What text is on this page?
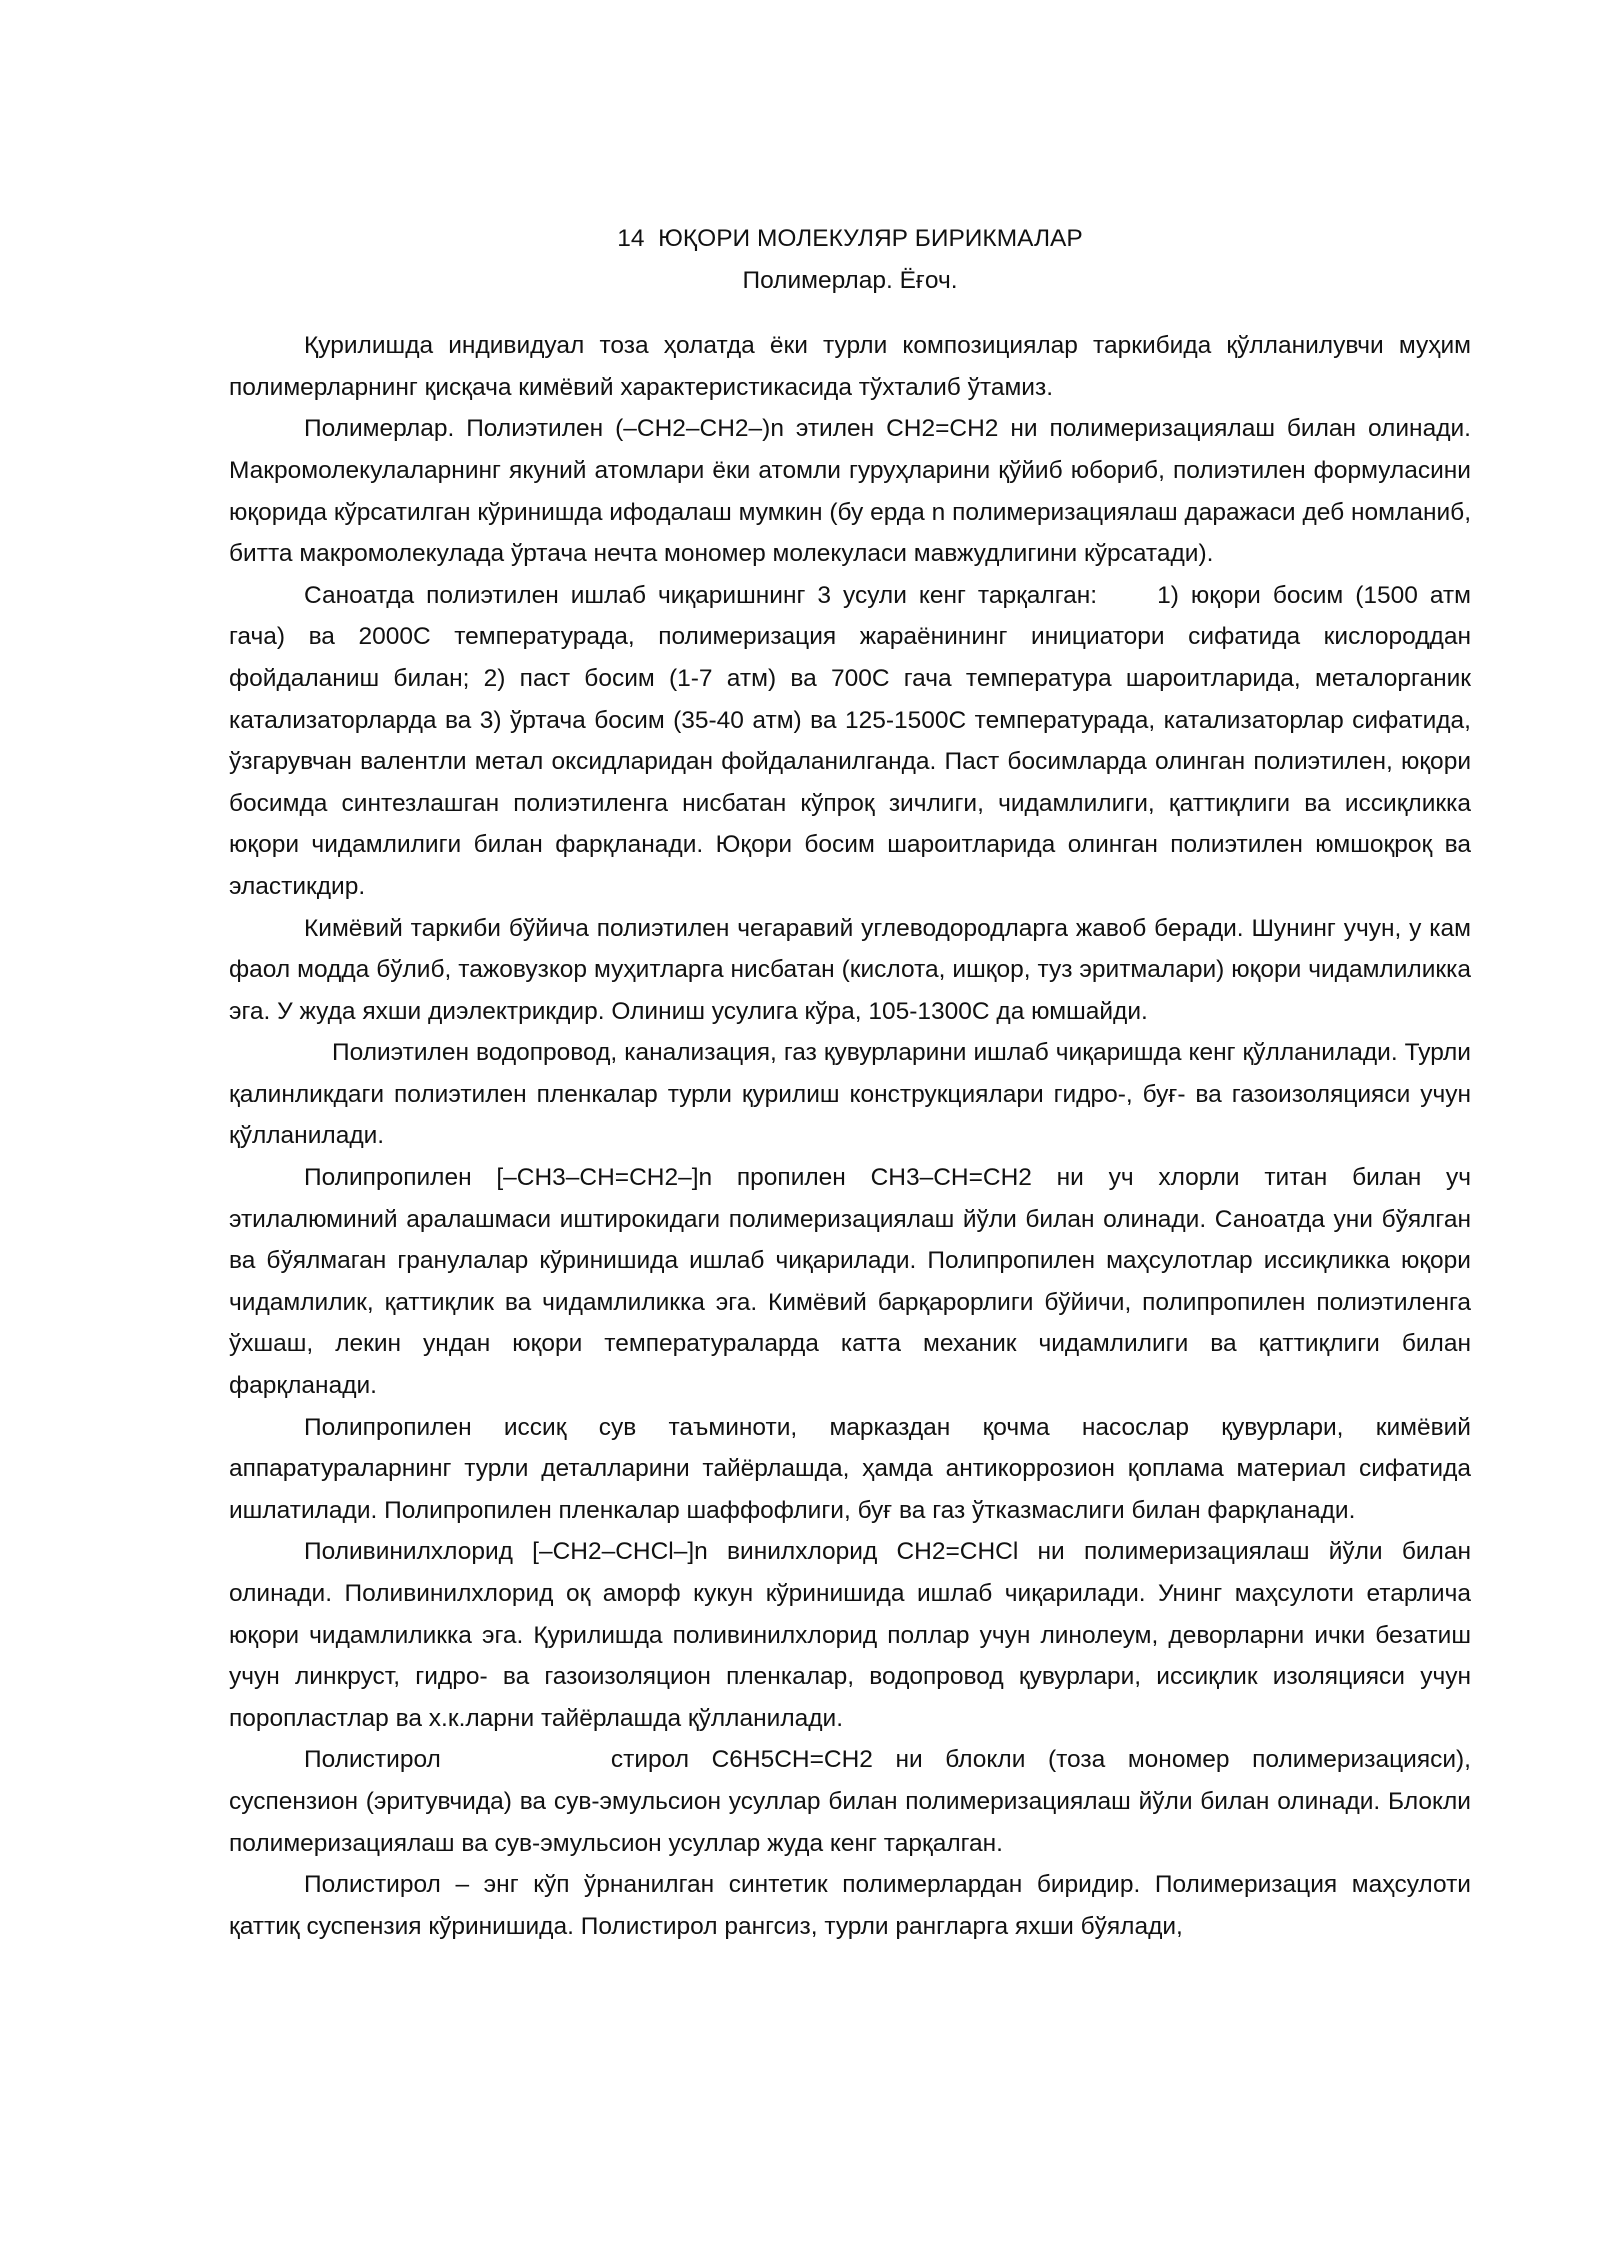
14  ЮҚОРИ МОЛЕКУЛЯР БИРИКМАЛАР
Полимерлар. Ёғоч.

Қурилишда индивидуал тоза ҳолатда ёки турли композициялар таркибида қўлланилувчи муҳим полимерларнинг қисқача кимёвий характеристикасида тўхталиб ўтамиз.

Полимерлар. Полиэтилен (–СН2–СН2–)n этилен СН2=СН2 ни полимеризациялаш билан олинади. Макромолекулаларнинг якуний атомлари ёки атомли гуруҳларини қўйиб юбориб, полиэтилен формуласини юқорида кўрсатилган кўринишда ифодалаш мумкин (бу ерда n полимеризациялаш даражаси деб номланиб, битта макромолекулада ўртача нечта мономер молекуласи мавжудлигини кўрсатади).

Саноатда полиэтилен ишлаб чиқаришнинг 3 усули кенг тарқалган: 1) юқори босим (1500 атм гача) ва 2000С температурада, полимеризация жараёнининг инициатори сифатида кислороддан фойдаланиш билан; 2) паст босим (1-7 атм) ва 700С гача температура шароитларида, металорганик катализаторларда ва 3) ўртача босим (35-40 атм) ва 125-1500С температурада, катализаторлар сифатида, ўзгарувчан валентли метал оксидларидан фойдаланилганда. Паст босимларда олинган полиэтилен, юқори босимда синтезлашган полиэтиленга нисбатан кўпроқ зичлиги, чидамлилиги, қаттиқлиги ва иссиқликка юқори чидамлилиги билан фарқланади. Юқори босим шароитларида олинган полиэтилен юмшоқроқ ва эластикдир.

Кимёвий таркиби бўйича полиэтилен чегаравий углеводородларга жавоб беради. Шунинг учун, у кам фаол модда бўлиб, тажовузкор муҳитларга нисбатан (кислота, ишқор, туз эритмалари) юқори чидамлиликка эга. У жуда яхши диэлектрикдир. Олиниш усулига кўра, 105-1300С да юмшайди.

Полиэтилен водопровод, канализация, газ қувурларини ишлаб чиқаришда кенг қўлланилади. Турли қалинликдаги полиэтилен пленкалар турли қурилиш конструкциялари гидро-, буғ- ва газоизоляцияси учун қўлланилади.

Полипропилен [–СН3–СН=СН2–]n пропилен СН3–СН=СН2 ни уч хлорли титан билан уч этилалюминий аралашмаси иштирокидаги полимеризациялаш йўли билан олинади. Саноатда уни бўялган ва бўялмаган гранулалар кўринишида ишлаб чиқарилади. Полипропилен маҳсулотлар иссиқликка юқори чидамлилик, қаттиқлик ва чидамлиликка эга. Кимёвий барқарорлиги бўйичи, полипропилен полиэтиленга ўхшаш, лекин ундан юқори температураларда катта механик чидамлилиги ва қаттиқлиги билан фарқланади.

Полипропилен иссиқ сув таъминоти, марказдан қочма насослар қувурлари, кимёвий аппаратураларнинг турли деталларини тайёрлашда, ҳамда антикоррозион қоплама материал сифатида ишлатилади. Полипропилен пленкалар шаффофлиги, буғ ва газ ўтказмаслиги билан фарқланади.

Поливинилхлорид [–СН2–СНСl–]n винилхлорид СН2=СНСl ни полимеризациялаш йўли билан олинади. Поливинилхлорид оқ аморф кукун кўринишида ишлаб чиқарилади. Унинг маҳсулоти етарлича юқори чидамлиликка эга. Қурилишда поливинилхлорид поллар учун линолеум, деворларни ички безатиш учун линкруст, гидро- ва газоизоляцион пленкалар, водопровод қувурлари, иссиқлик изоляцияси учун поропластлар ва х.к.ларни тайёрлашда қўлланилади.

Полистирол	стирол С6Н5СН=СН2 ни блокли (тоза мономер полимеризацияси), суспензион (эритувчида) ва сув-эмульсион усуллар билан полимеризациялаш йўли билан олинади. Блокли полимеризациялаш ва сув-эмульсион усуллар жуда кенг тарқалган.

Полистирол – энг кўп ўрнанилган синтетик полимерлардан биридир. Полимеризация маҳсулоти қаттиқ суспензия кўринишида. Полистирол рангсиз, турли рангларга яхши бўялади,
